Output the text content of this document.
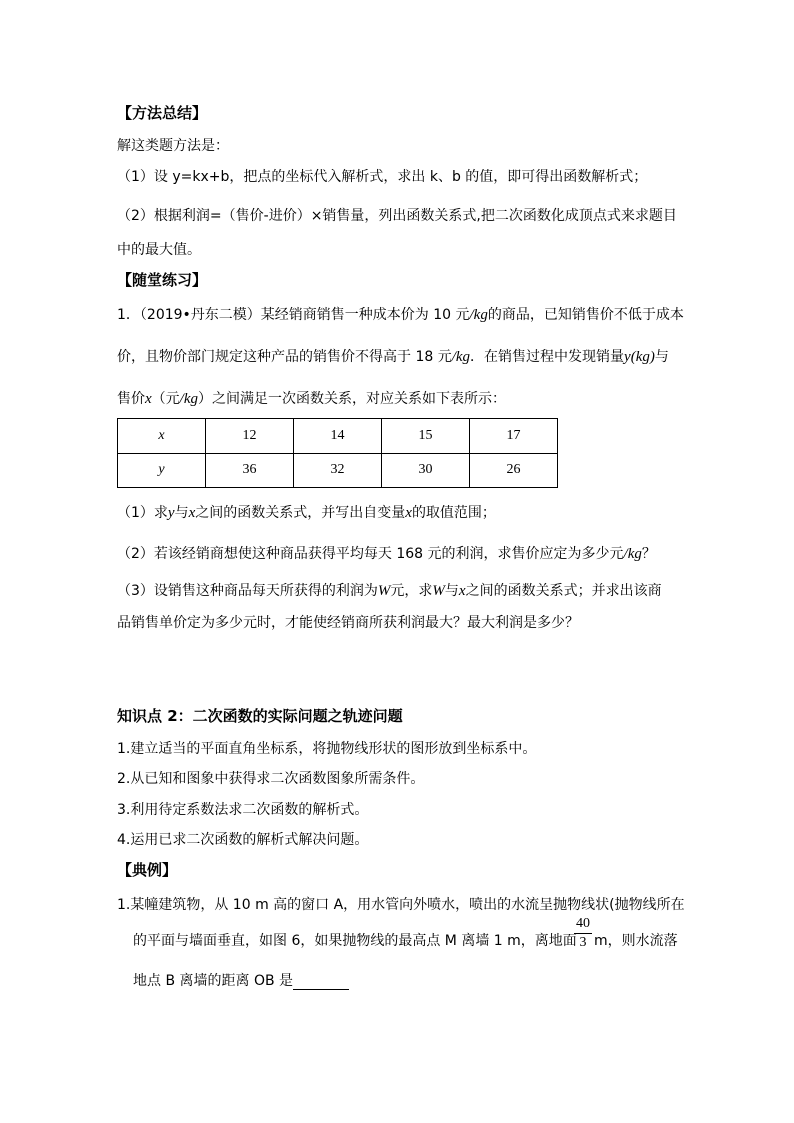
【方法总结】
解这类题方法是：
（1）设 y=kx+b，把点的坐标代入解析式，求出 k、b 的值，即可得出函数解析式；
（2）根据利润=（售价-进价）×销售量，列出函数关系式,把二次函数化成顶点式来求题目
中的最大值。
【随堂练习】
1．（2019•丹东二模）某经销商销售一种成本价为 10 元/kg的商品，已知销售价不低于成本
价，且物价部门规定这种产品的销售价不得高于 18 元/kg．在销售过程中发现销量y(kg)与
售价x（元/kg）之间满足一次函数关系，对应关系如下表所示：
x	12	14	15	17
y	36	32	30	26
（1）求y与x之间的函数关系式，并写出自变量x的取值范围；
（2）若该经销商想使这种商品获得平均每天 168 元的利润，求售价应定为多少元/kg？
（3）设销售这种商品每天所获得的利润为W元，求W与x之间的函数关系式；并求出该商
品销售单价定为多少元时，才能使经销商所获利润最大？最大利润是多少？
知识点 2：二次函数的实际问题之轨迹问题
1.建立适当的平面直角坐标系，将抛物线形状的图形放到坐标系中。
2.从已知和图象中获得求二次函数图象所需条件。
3.利用待定系数法求二次函数的解析式。
4.运用已求二次函数的解析式解决问题。
【典例】
1.某幢建筑物，从 10 m 高的窗口 A，用水管向外喷水，喷出的水流呈抛物线状(抛物线所在
的平面与墙面垂直，如图 6，如果抛物线的最高点 M 离墙 1 m，离地面
$\frac{40}{3}$ m，则水流落
地点 B 离墙的距离 OB 是
